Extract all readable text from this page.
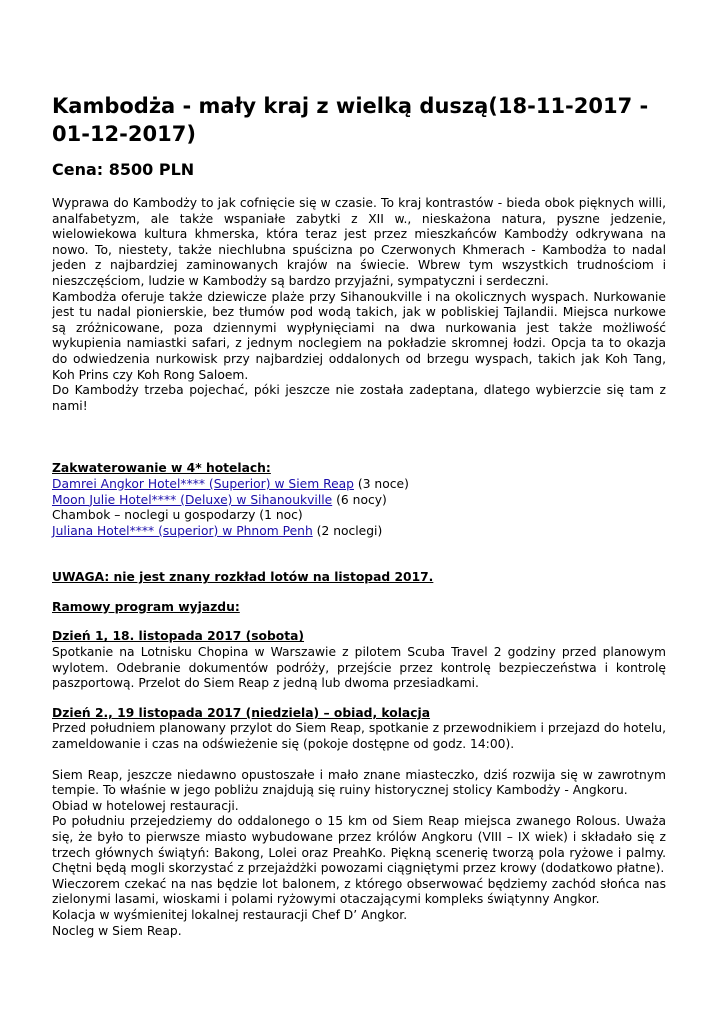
Kambodża - mały kraj z wielką duszą(18-11-2017 - 01-12-2017)
Cena: 8500 PLN

Wyprawa do Kambodży to jak cofnięcie się w czasie. To kraj kontrastów - bieda obok pięknych willi, analfabetyzm, ale także wspaniałe zabytki z XII w., nieskażona natura, pyszne jedzenie, wielowiekowa kultura khmerska, która teraz jest przez mieszkańców Kambodży odkrywana na nowo. To, niestety, także niechlubna spuścizna po Czerwonych Khmerach - Kambodża to nadal jeden z najbardziej zaminowanych krajów na świecie. Wbrew tym wszystkich trudnościom i nieszczęściom, ludzie w Kambodży są bardzo przyjaźni, sympatyczni i serdeczni.

Kambodża oferuje także dziewicze plaże przy Sihanoukville i na okolicznych wyspach. Nurkowanie jest tu nadal pionierskie, bez tłumów pod wodą takich, jak w pobliskiej Tajlandii. Miejsca nurkowe są zróżnicowane, poza dziennymi wypłynięciami na dwa nurkowania jest także możliwość wykupienia namiastki safari, z jednym noclegiem na pokładzie skromnej łodzi. Opcja ta to okazja do odwiedzenia nurkowisk przy najbardziej oddalonych od brzegu wyspach, takich jak Koh Tang, Koh Prins czy Koh Rong Saloem.

Do Kambodży trzeba pojechać, póki jeszcze nie została zadeptana, dlatego wybierzcie się tam z nami!

Zakwaterowanie w 4* hotelach:

Damrei Angkor Hotel**** (Superior) w Siem Reap (3 noce)

Moon Julie Hotel**** (Deluxe) w Sihanoukville (6 nocy)

Chambok – noclegi u gospodarzy (1 noc)

Juliana Hotel**** (superior) w Phnom Penh (2 noclegi)

UWAGA: nie jest znany rozkład lotów na listopad 2017.

Ramowy program wyjazdu:

Dzień 1, 18. listopada 2017 (sobota)

Spotkanie na Lotnisku Chopina w Warszawie z pilotem Scuba Travel 2 godziny przed planowym wylotem. Odebranie dokumentów podróży, przejście przez kontrolę bezpieczeństwa i kontrolę paszportową. Przelot do Siem Reap z jedną lub dwoma przesiadkami.

Dzień 2., 19 listopada 2017 (niedziela) – obiad, kolacja

Przed południem planowany przylot do Siem Reap, spotkanie z przewodnikiem i przejazd do hotelu, zameldowanie i czas na odświeżenie się (pokoje dostępne od godz. 14:00).

Siem Reap, jeszcze niedawno opustoszałe i mało znane miasteczko, dziś rozwija się w zawrotnym tempie. To właśnie w jego pobliżu znajdują się ruiny historycznej stolicy Kambodży - Angkoru.

Obiad w hotelowej restauracji.

Po południu przejedziemy do oddalonego o 15 km od Siem Reap miejsca zwanego Rolous. Uważa się, że było to pierwsze miasto wybudowane przez królów Angkoru (VIII – IX wiek) i składało się z trzech głównych świątyń: Bakong, Lolei oraz PreahKo. Piękną scenerię tworzą pola ryżowe i palmy. Chętni będą mogli skorzystać z przejażdżki powozami ciągniętymi przez krowy (dodatkowo płatne).

Wieczorem czekać na nas będzie lot balonem, z którego obserwować będziemy zachód słońca nas zielonymi lasami, wioskami i polami ryżowymi otaczającymi kompleks świątynny Angkor.

Kolacja w wyśmienitej lokalnej restauracji Chef D’ Angkor.

Nocleg w Siem Reap.
